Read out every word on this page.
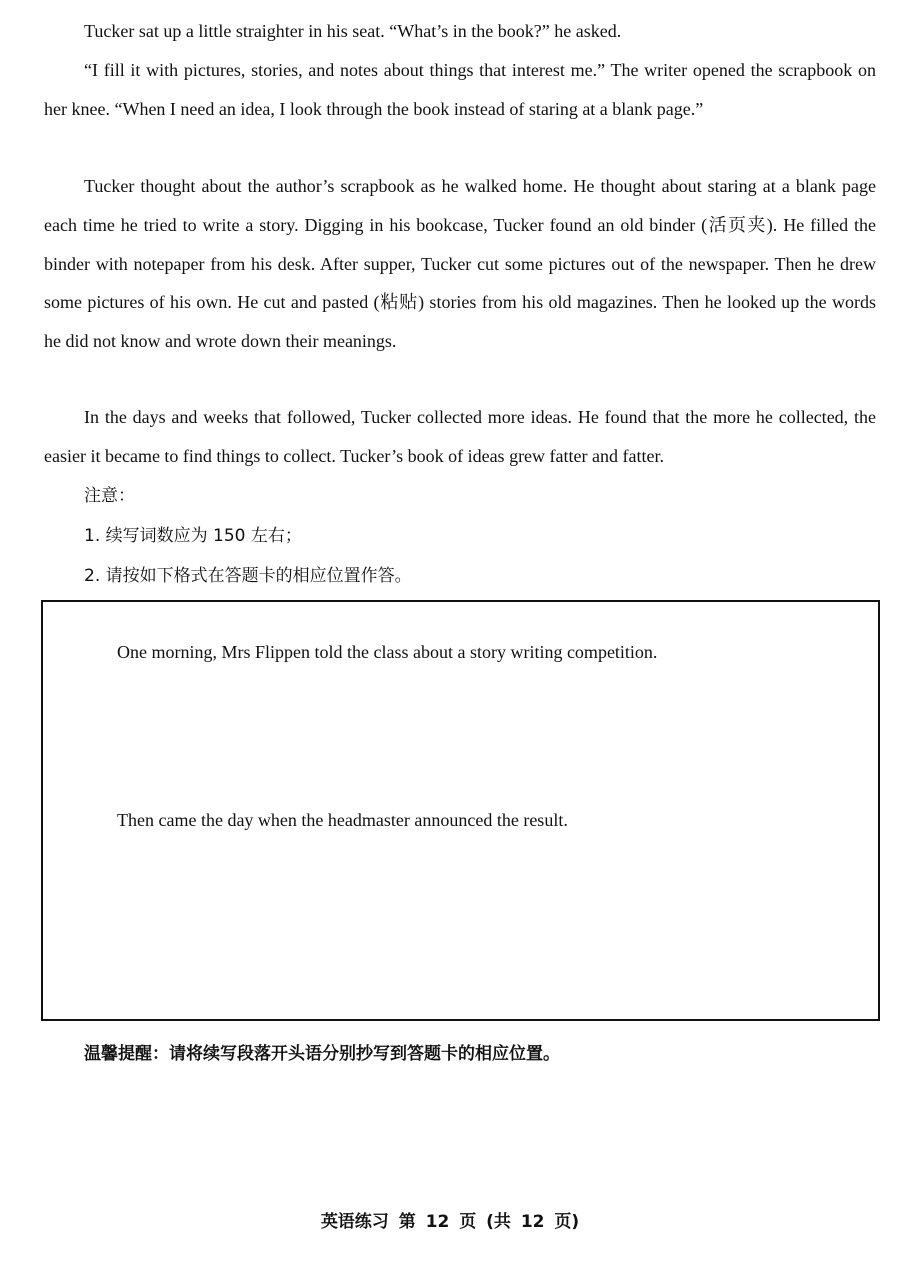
Tucker sat up a little straighter in his seat. “What’s in the book?” he asked.

“I fill it with pictures, stories, and notes about things that interest me.” The writer opened the scrapbook on her knee. “When I need an idea, I look through the book instead of staring at a blank page.”

Tucker thought about the author’s scrapbook as he walked home. He thought about staring at a blank page each time he tried to write a story. Digging in his bookcase, Tucker found an old binder (活页夹). He filled the binder with notepaper from his desk. After supper, Tucker cut some pictures out of the newspaper. Then he drew some pictures of his own. He cut and pasted (粘贴) stories from his old magazines. Then he looked up the words he did not know and wrote down their meanings.

In the days and weeks that followed, Tucker collected more ideas. He found that the more he collected, the easier it became to find things to collect. Tucker’s book of ideas grew fatter and fatter.

注意：
1. 续写词数应为 150 左右；
2. 请按如下格式在答题卡的相应位置作答。
One morning, Mrs Flippen told the class about a story writing competition.
Then came the day when the headmaster announced the result.
温馨提醒：请将续写段落开头语分别抄写到答题卡的相应位置。
英语练习 第 12 页 (共 12 页)
